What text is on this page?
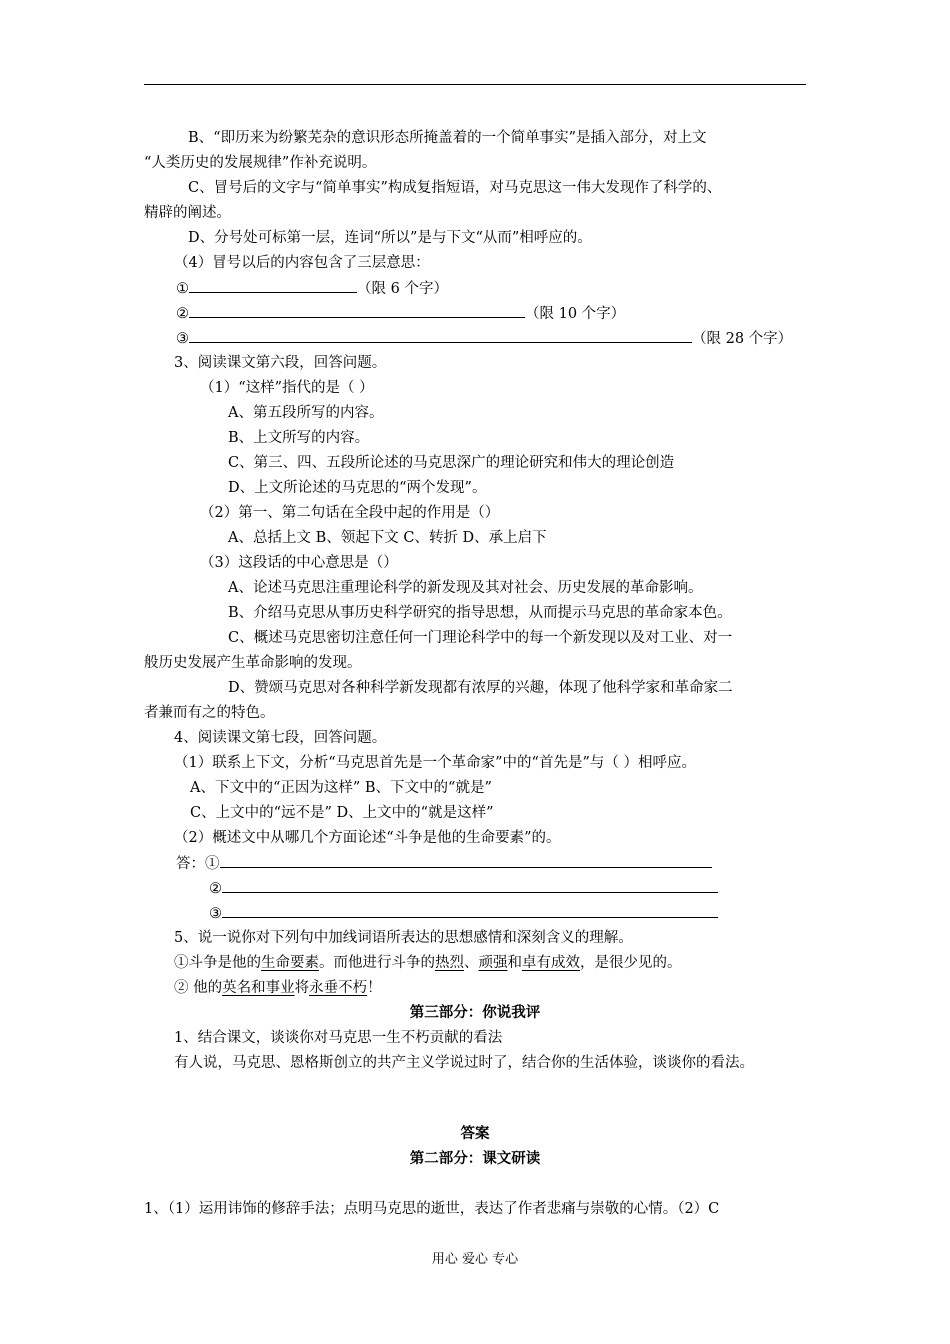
B、“即历来为纷繁芜杂的意识形态所掩盖着的一个简单事实”是插入部分，对上文
“人类历史的发展规律”作补充说明。
C、冒号后的文字与“简单事实”构成复指短语，对马克思这一伟大发现作了科学的、
精辟的阐述。
D、分号处可标第一层，连词“所以”是与下文“从而”相呼应的。
（4）冒号以后的内容包含了三层意思：
①	（限 6 个字）
②	（限 10 个字）
③	（限 28 个字）
3、阅读课文第六段，回答问题。
（1）“这样”指代的是（ ）
A、第五段所写的内容。
B、上文所写的内容。
C、第三、四、五段所论述的马克思深广的理论研究和伟大的理论创造
D、上文所论述的马克思的“两个发现”。
（2）第一、第二句话在全段中起的作用是（）
A、总括上文 B、领起下文 C、转折 D、承上启下
（3）这段话的中心意思是（）
A、论述马克思注重理论科学的新发现及其对社会、历史发展的革命影响。
B、介绍马克思从事历史科学研究的指导思想，从而提示马克思的革命家本色。
C、概述马克思密切注意任何一门理论科学中的每一个新发现以及对工业、对一
般历史发展产生革命影响的发现。
D、赞颂马克思对各种科学新发现都有浓厚的兴趣，体现了他科学家和革命家二
者兼而有之的特色。
4、阅读课文第七段，回答问题。
（1）联系上下文，分析“马克思首先是一个革命家”中的“首先是”与（ ）相呼应。
A、下文中的“正因为这样” B、下文中的“就是”
C、上文中的“远不是” D、上文中的“就是这样”
（2）概述文中从哪几个方面论述“斗争是他的生命要素”的。
答：①
②
③
5、说一说你对下列句中加线词语所表达的思想感情和深刻含义的理解。
①斗争是他的生命要素。而他进行斗争的热烈、顽强和卓有成效，是很少见的。
② 他的英名和事业将永垂不朽！
第三部分：你说我评
1、结合课文，谈谈你对马克思一生不朽贡献的看法
有人说，马克思、恩格斯创立的共产主义学说过时了，结合你的生活体验，谈谈你的看法。
答案
第二部分：课文研读
1、（1）运用讳饰的修辞手法；点明马克思的逝世，表达了作者悲痛与崇敬的心情。（2）C
用心 爱心 专心
